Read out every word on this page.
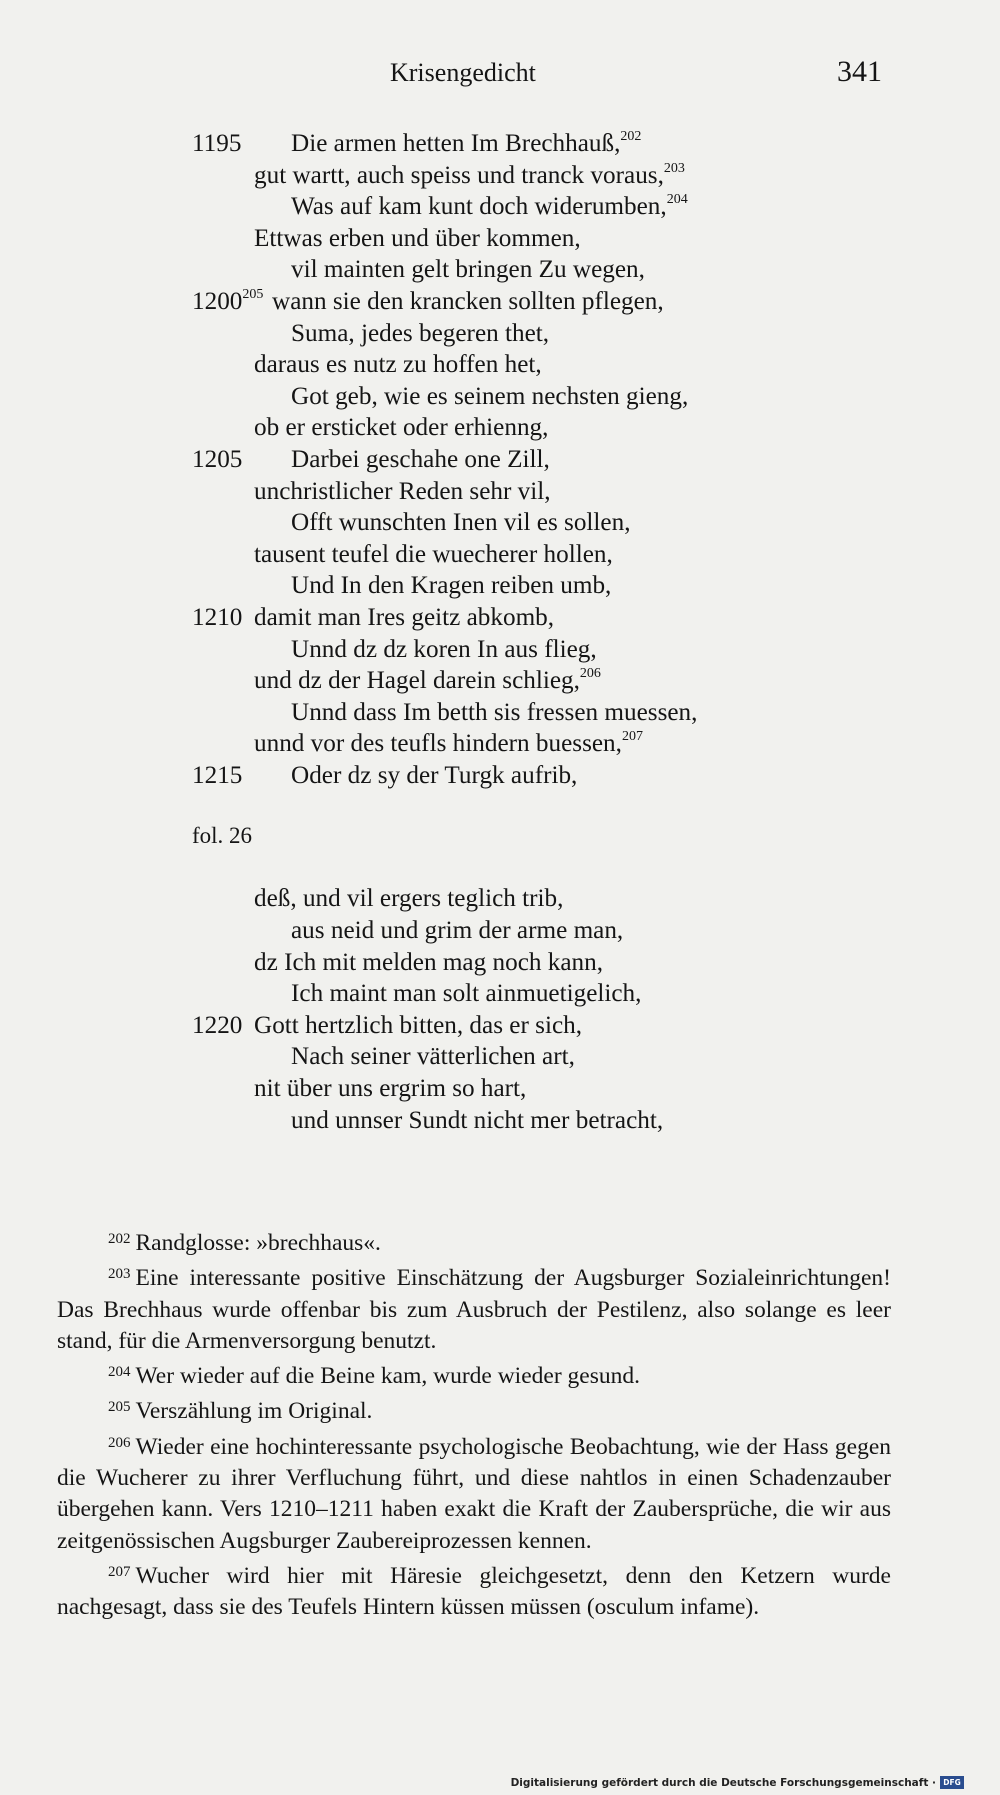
Krisengedicht	341
1195 Die armen hetten Im Brechhauß,$^{202}$
gut wartt, auch speiss und tranck voraus,$^{203}$
Was auf kam kunt doch widerumben,$^{204}$
Ettwas erben und über kommen,
vil mainten gelt bringen Zu wegen,
1200$^{205}$ wann sie den krancken sollten pflegen,
Suma, jedes begeren thet,
daraus es nutz zu hoffen het,
Got geb, wie es seinem nechsten gieng,
ob er ersticket oder erhienng,
1205 Darbei geschahe one Zill,
unchristlicher Reden sehr vil,
Offt wunschten Inen vil es sollen,
tausent teufel die wuecherer hollen,
Und In den Kragen reiben umb,
1210 damit man Ires geitz abkomb,
Unnd dz dz koren In aus flieg,
und dz der Hagel darein schlieg,$^{206}$
Unnd dass Im betth sis fressen muessen,
unnd vor des teufls hindern buessen,$^{207}$
1215 Oder dz sy der Turgk aufrib,
fol. 26
deß, und vil ergers teglich trib,
aus neid und grim der arme man,
dz Ich mit melden mag noch kann,
Ich maint man solt ainmuetigelich,
1220 Gott hertzlich bitten, das er sich,
Nach seiner vätterlichen art,
nit über uns ergrim so hart,
und unnser Sundt nicht mer betracht,
$^{202}$ Randglosse: »brechhaus«.
$^{203}$ Eine interessante positive Einschätzung der Augsburger Sozialeinrichtungen! Das Brechhaus wurde offenbar bis zum Ausbruch der Pestilenz, also solange es leer stand, für die Armenversorgung benutzt.
$^{204}$ Wer wieder auf die Beine kam, wurde wieder gesund.
$^{205}$ Verszählung im Original.
$^{206}$ Wieder eine hochinteressante psychologische Beobachtung, wie der Hass gegen die Wucherer zu ihrer Verfluchung führt, und diese nahtlos in einen Schadenzauber übergehen kann. Vers 1210–1211 haben exakt die Kraft der Zaubersprüche, die wir aus zeitgenössischen Augsburger Zaubereiprozessen kennen.
$^{207}$ Wucher wird hier mit Häresie gleichgesetzt, denn den Ketzern wurde nachgesagt, dass sie des Teufels Hintern küssen müssen (osculum infame).
Digitalisierung gefördert durch die Deutsche Forschungsgemeinschaft · DFG
